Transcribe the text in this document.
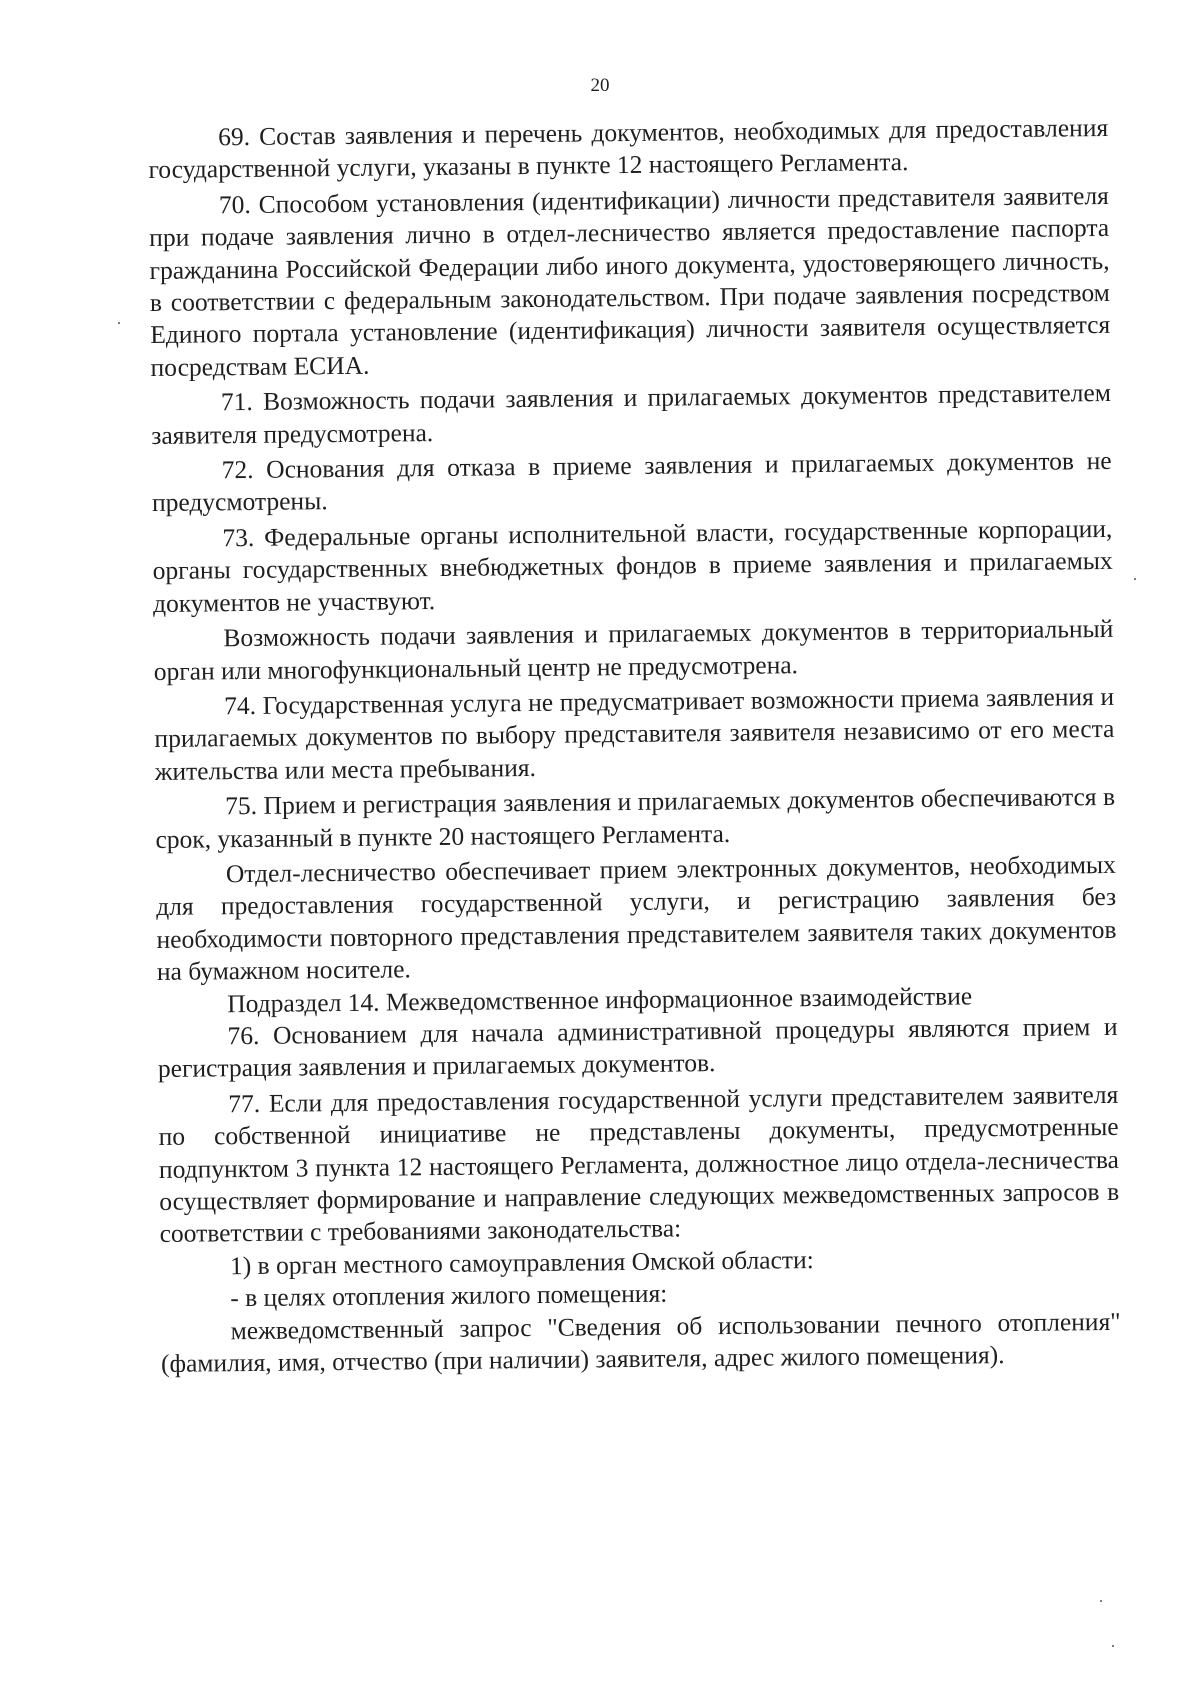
20

69. Состав заявления и перечень документов, необходимых для предоставления государственной услуги, указаны в пункте 12 настоящего Регламента.

70. Способом установления (идентификации) личности представителя заявителя при подаче заявления лично в отдел-лесничество является предоставление паспорта гражданина Российской Федерации либо иного документа, удостоверяющего личность, в соответствии с федеральным законодательством. При подаче заявления посредством Единого портала установление (идентификация) личности заявителя осуществляется посредствам ЕСИА.

71. Возможность подачи заявления и прилагаемых документов представителем заявителя предусмотрена.

72. Основания для отказа в приеме заявления и прилагаемых документов не предусмотрены.

73. Федеральные органы исполнительной власти, государственные корпорации, органы государственных внебюджетных фондов в приеме заявления и прилагаемых документов не участвуют.

Возможность подачи заявления и прилагаемых документов в территориальный орган или многофункциональный центр не предусмотрена.

74. Государственная услуга не предусматривает возможности приема заявления и прилагаемых документов по выбору представителя заявителя независимо от его места жительства или места пребывания.

75. Прием и регистрация заявления и прилагаемых документов обеспечиваются в срок, указанный в пункте 20 настоящего Регламента.

Отдел-лесничество обеспечивает прием электронных документов, необходимых для предоставления государственной услуги, и регистрацию заявления без необходимости повторного представления представителем заявителя таких документов на бумажном носителе.

Подраздел 14. Межведомственное информационное взаимодействие

76. Основанием для начала административной процедуры являются прием и регистрация заявления и прилагаемых документов.

77. Если для предоставления государственной услуги представителем заявителя по собственной инициативе не представлены документы, предусмотренные подпунктом 3 пункта 12 настоящего Регламента, должностное лицо отдела-лесничества осуществляет формирование и направление следующих межведомственных запросов в соответствии с требованиями законодательства:

1) в орган местного самоуправления Омской области:

- в целях отопления жилого помещения:

межведомственный запрос "Сведения об использовании печного отопления" (фамилия, имя, отчество (при наличии) заявителя, адрес жилого помещения).
